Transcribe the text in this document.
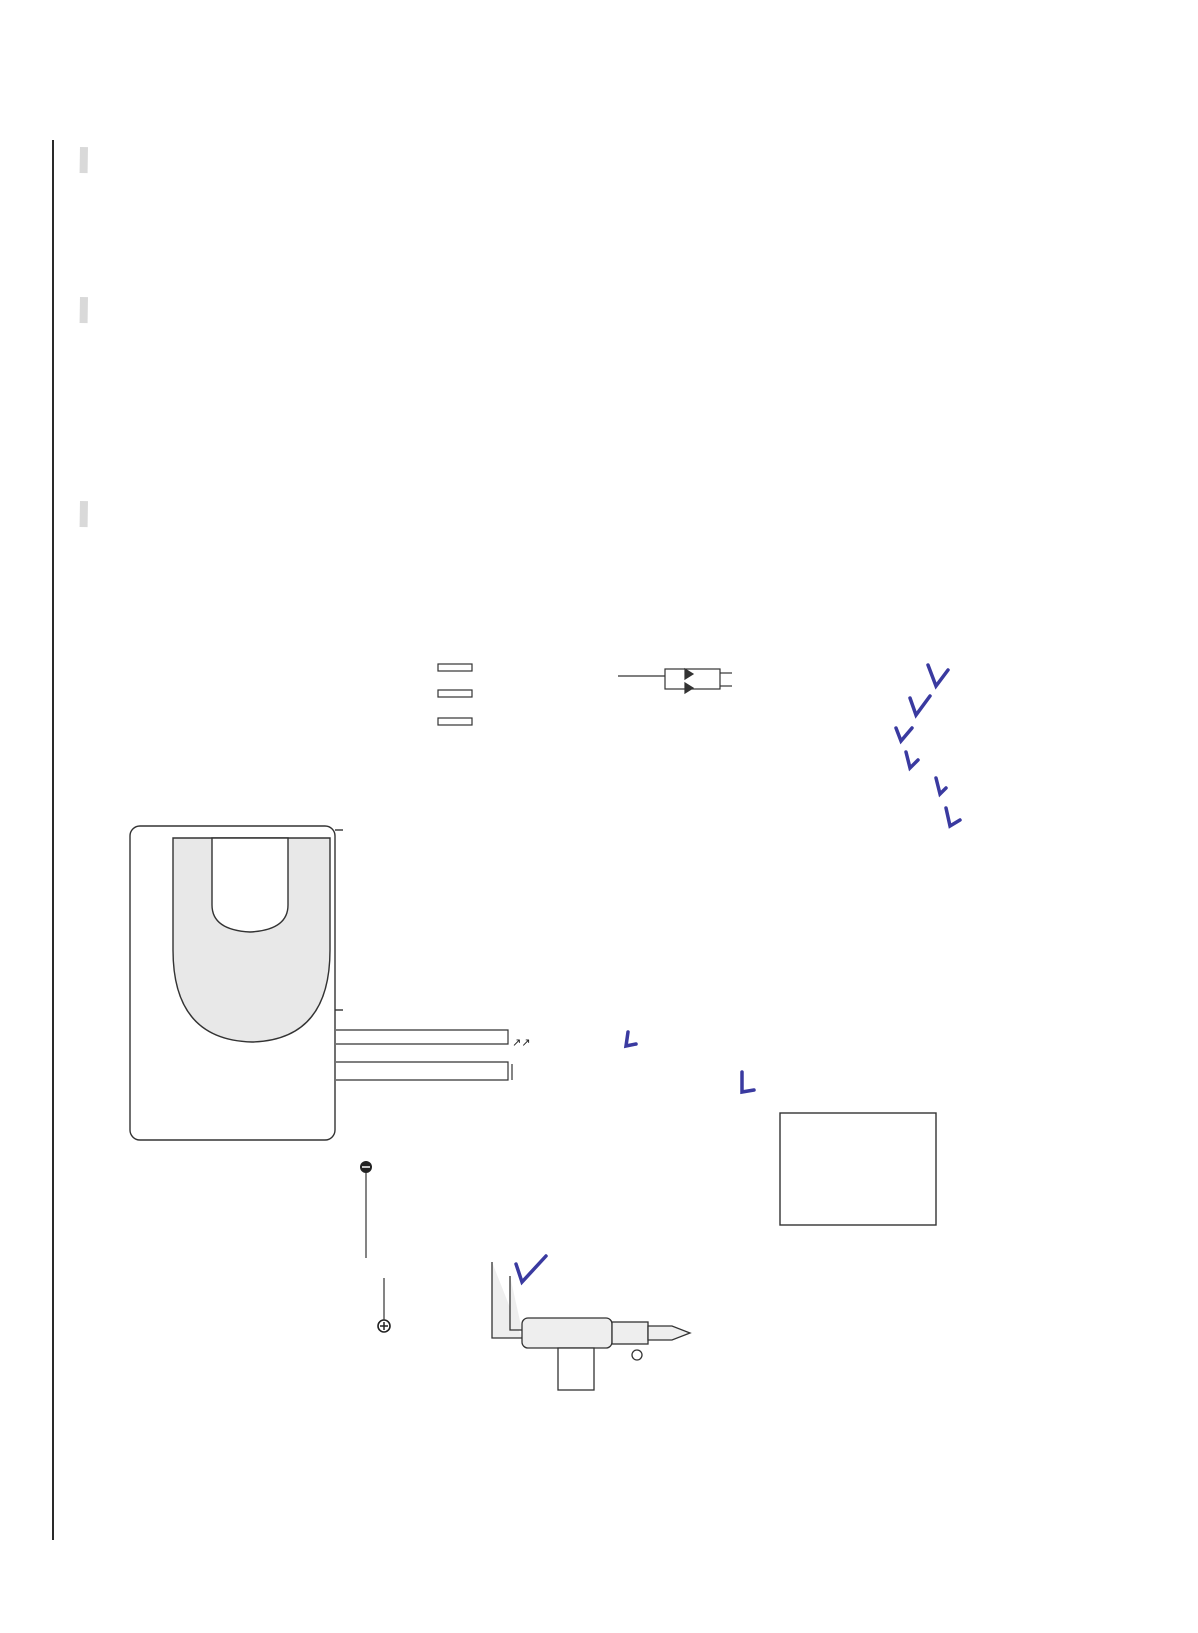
↗↗
